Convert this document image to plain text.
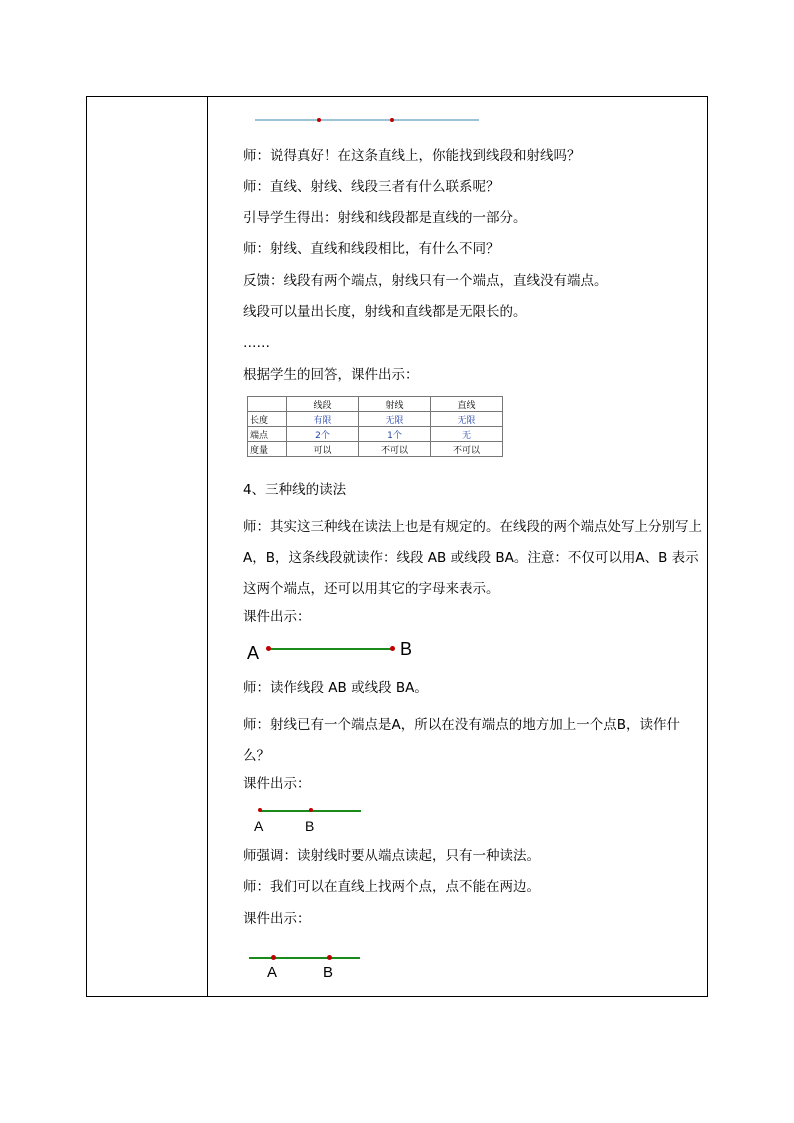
师：说得真好！在这条直线上，你能找到线段和射线吗？
师：直线、射线、线段三者有什么联系呢？
引导学生得出：射线和线段都是直线的一部分。
师：射线、直线和线段相比，有什么不同？
反馈：线段有两个端点，射线只有一个端点，直线没有端点。
线段可以量出长度，射线和直线都是无限长的。
……
根据学生的回答，课件出示：
	线段	射线	直线
长度	有限	无限	无限
端点	2个	1个	无
度量	可以	不可以	不可以
4、三种线的读法
师：其实这三种线在读法上也是有规定的。在线段的两个端点处写上分别写上A，B，这条线段就读作：线段 AB 或线段 BA。注意：不仅可以用A、B 表示这两个端点，还可以用其它的字母来表示。
课件出示：
A	B
师：读作线段 AB 或线段 BA。
师：射线已有一个端点是A，所以在没有端点的地方加上一个点B，读作什么？
课件出示：
A	B
师强调：读射线时要从端点读起，只有一种读法。
师：我们可以在直线上找两个点，点不能在两边。
课件出示：
A	B
